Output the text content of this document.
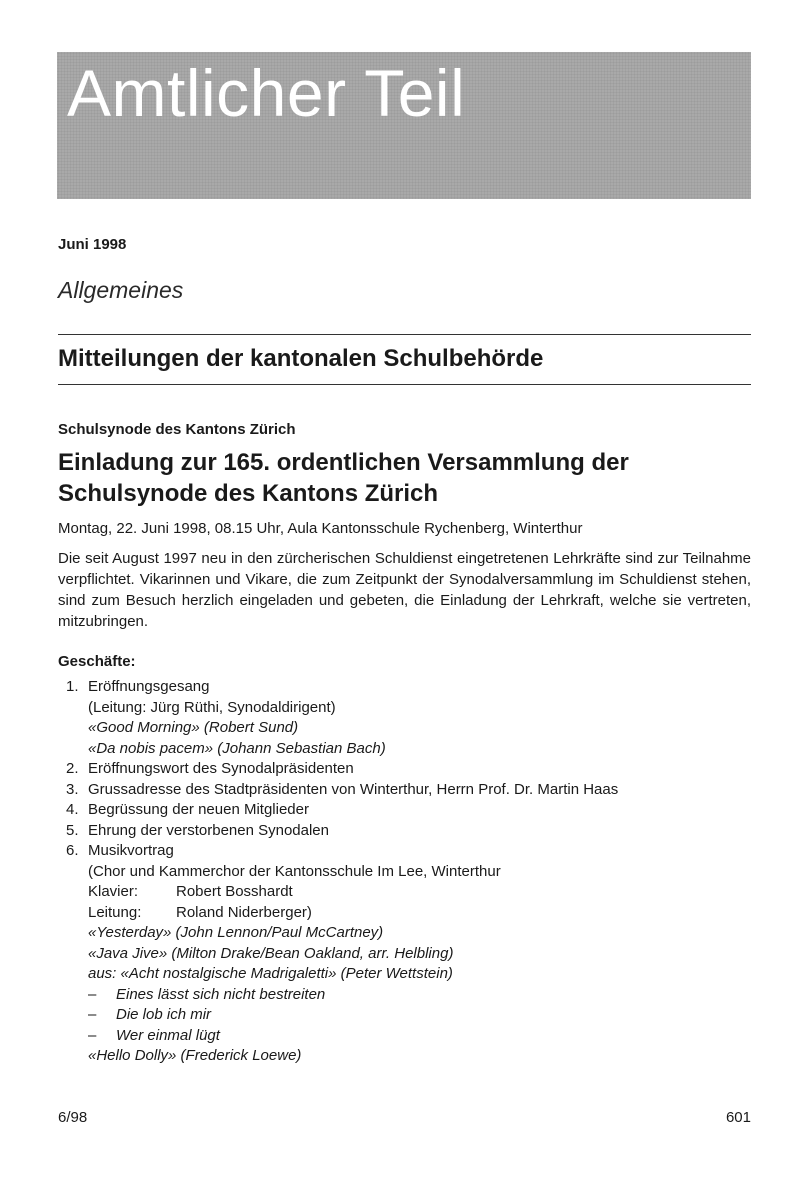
Amtlicher Teil
Juni 1998
Allgemeines
Mitteilungen der kantonalen Schulbehörde
Schulsynode des Kantons Zürich
Einladung zur 165. ordentlichen Versammlung der
Schulsynode des Kantons Zürich
Montag, 22. Juni 1998, 08.15 Uhr, Aula Kantonsschule Rychenberg, Winterthur
Die seit August 1997 neu in den zürcherischen Schuldienst eingetretenen Lehrkräfte sind zur Teilnahme verpflichtet. Vikarinnen und Vikare, die zum Zeitpunkt der Synodalversammlung im Schuldienst stehen, sind zum Besuch herzlich eingeladen und gebeten, die Einladung der Lehrkraft, welche sie vertreten, mitzubringen.
Geschäfte:
1. Eröffnungsgesang
(Leitung: Jürg Rüthi, Synodaldirigent)
«Good Morning» (Robert Sund)
«Da nobis pacem» (Johann Sebastian Bach)
2. Eröffnungswort des Synodalpräsidenten
3. Grussadresse des Stadtpräsidenten von Winterthur, Herrn Prof. Dr. Martin Haas
4. Begrüssung der neuen Mitglieder
5. Ehrung der verstorbenen Synodalen
6. Musikvortrag
(Chor und Kammerchor der Kantonsschule Im Lee, Winterthur
Klavier:	Robert Bosshardt
Leitung: Roland Niderberger)
«Yesterday» (John Lennon/Paul McCartney)
«Java Jive» (Milton Drake/Bean Oakland, arr. Helbling)
aus: «Acht nostalgische Madrigaletti» (Peter Wettstein)
– Eines lässt sich nicht bestreiten
– Die lob ich mir
– Wer einmal lügt
«Hello Dolly» (Frederick Loewe)
6/98	601
